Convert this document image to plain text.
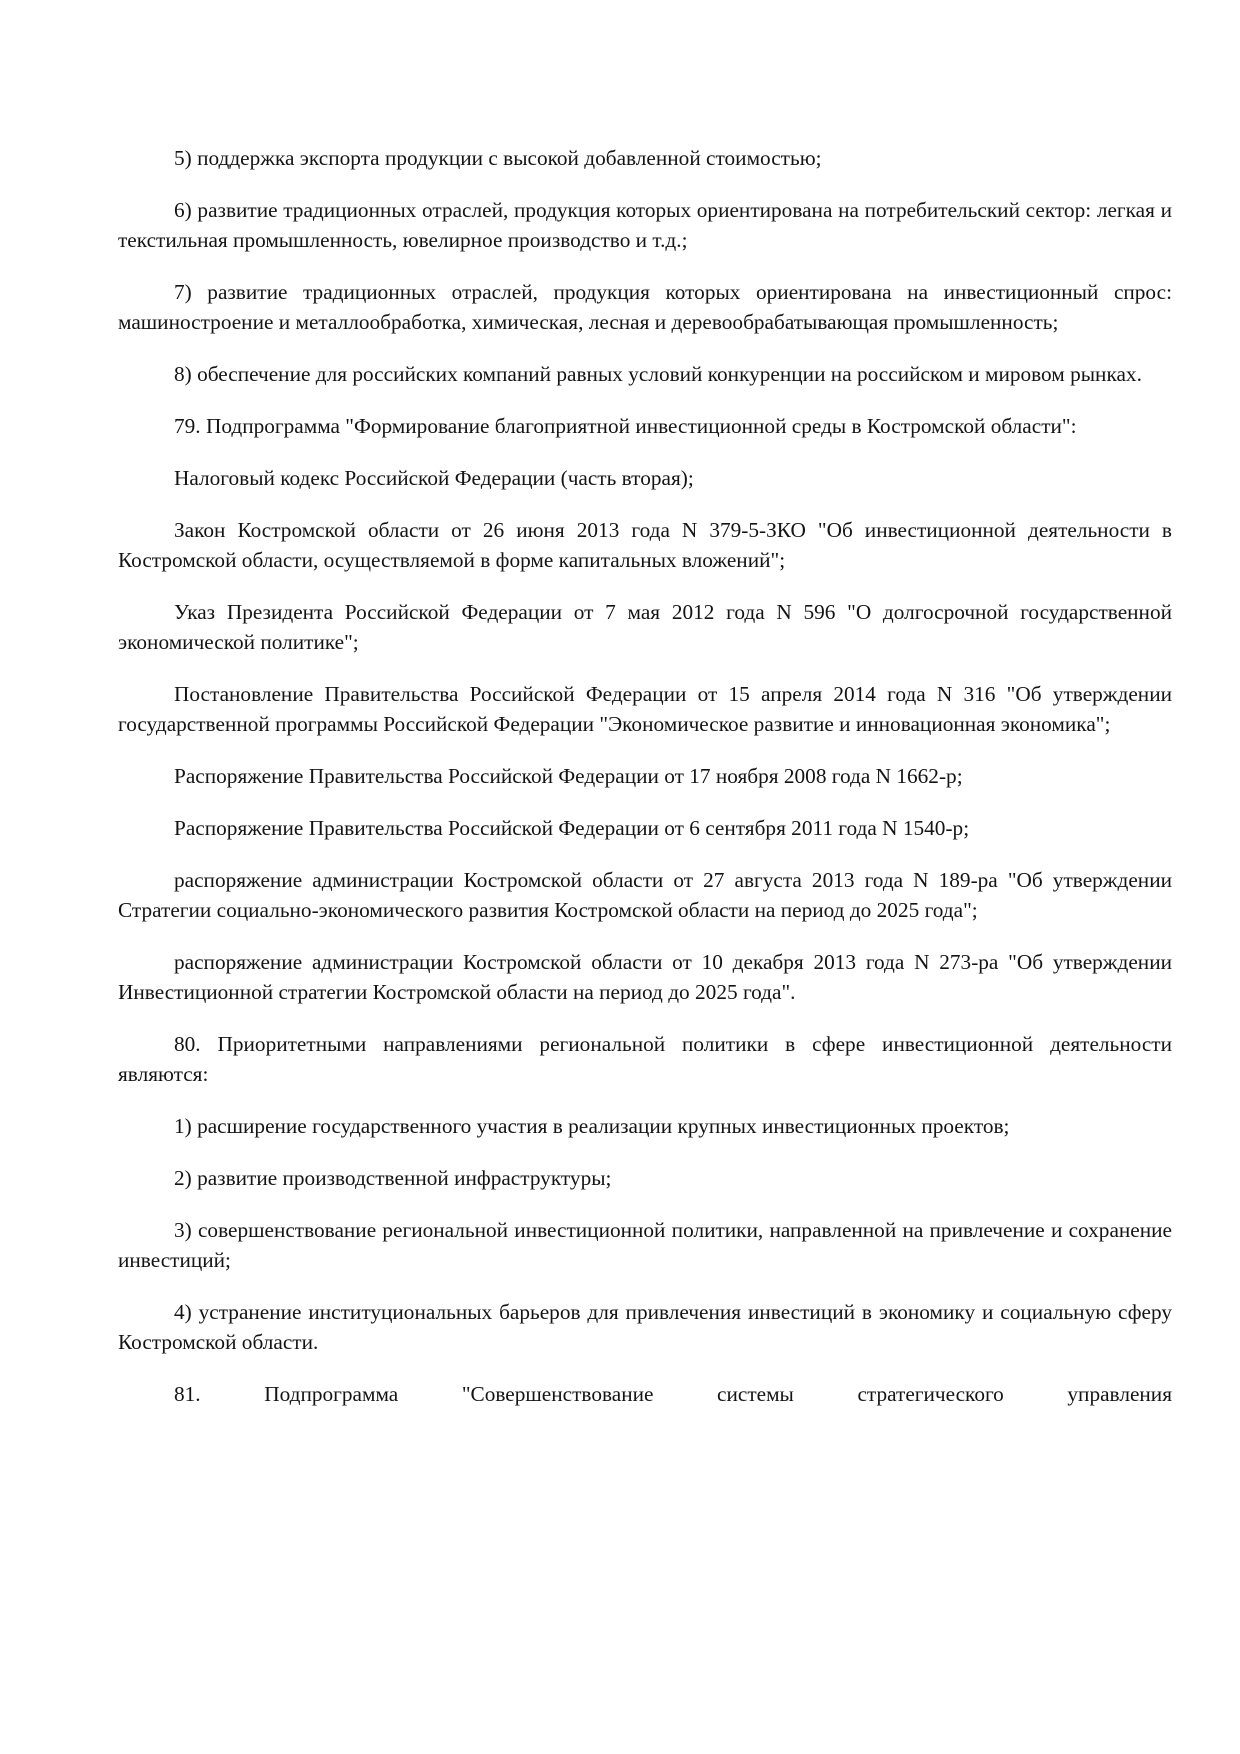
5) поддержка экспорта продукции с высокой добавленной стоимостью;

6) развитие традиционных отраслей, продукция которых ориентирована на потребительский сектор: легкая и текстильная промышленность, ювелирное производство и т.д.;

7) развитие традиционных отраслей, продукция которых ориентирована на инвестиционный спрос: машиностроение и металлообработка, химическая, лесная и деревообрабатывающая промышленность;

8) обеспечение для российских компаний равных условий конкуренции на российском и мировом рынках.

79. Подпрограмма "Формирование благоприятной инвестиционной среды в Костромской области":

Налоговый кодекс Российской Федерации (часть вторая);

Закон Костромской области от 26 июня 2013 года N 379-5-ЗКО "Об инвестиционной деятельности в Костромской области, осуществляемой в форме капитальных вложений";

Указ Президента Российской Федерации от 7 мая 2012 года N 596 "О долгосрочной государственной экономической политике";

Постановление Правительства Российской Федерации от 15 апреля 2014 года N 316 "Об утверждении государственной программы Российской Федерации "Экономическое развитие и инновационная экономика";

Распоряжение Правительства Российской Федерации от 17 ноября 2008 года N 1662-р;

Распоряжение Правительства Российской Федерации от 6 сентября 2011 года N 1540-р;

распоряжение администрации Костромской области от 27 августа 2013 года N 189-ра "Об утверждении Стратегии социально-экономического развития Костромской области на период до 2025 года";

распоряжение администрации Костромской области от 10 декабря 2013 года N 273-ра "Об утверждении Инвестиционной стратегии Костромской области на период до 2025 года".

80. Приоритетными направлениями региональной политики в сфере инвестиционной деятельности являются:

1) расширение государственного участия в реализации крупных инвестиционных проектов;

2) развитие производственной инфраструктуры;

3) совершенствование региональной инвестиционной политики, направленной на привлечение и сохранение инвестиций;

4) устранение институциональных барьеров для привлечения инвестиций в экономику и социальную сферу Костромской области.

81. Подпрограмма "Совершенствование системы стратегического управления
